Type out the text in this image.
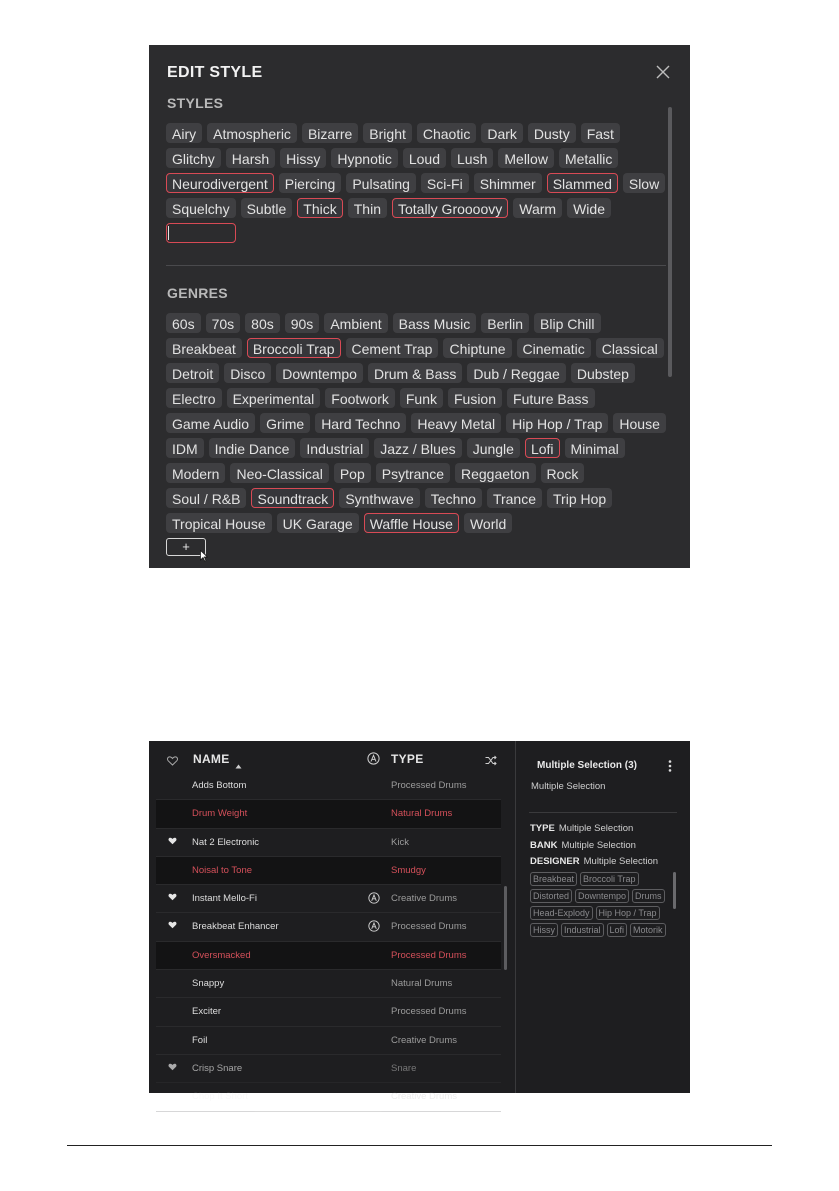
EDIT STYLE
STYLES
Airy	Atmospheric	Bizarre	Bright	Chaotic	Dark	Dusty	Fast
Glitchy	Harsh	Hissy	Hypnotic	Loud	Lush	Mellow	Metallic
Neurodivergent	Piercing	Pulsating	Sci-Fi	Shimmer	Slammed	Slow
Squelchy	Subtle	Thick	Thin	Totally Groooovy	Warm	Wide
GENRES
60s	70s	80s	90s	Ambient	Bass Music	Berlin	Blip Chill
Breakbeat	Broccoli Trap	Cement Trap	Chiptune	Cinematic	Classical
Detroit	Disco	Downtempo	Drum & Bass	Dub / Reggae	Dubstep
Electro	Experimental	Footwork	Funk	Fusion	Future Bass
Game Audio	Grime	Hard Techno	Heavy Metal	Hip Hop / Trap	House
IDM	Indie Dance	Industrial	Jazz / Blues	Jungle	Lofi	Minimal
Modern	Neo-Classical	Pop	Psytrance	Reggaeton	Rock
Soul / R&B	Soundtrack	Synthwave	Techno	Trance	Trip Hop
Tropical House	UK Garage	Waffle House	World
+
NAME	TYPE
Adds Bottom	Processed Drums
Drum Weight	Natural Drums
Nat 2 Electronic	Kick
Noisal to Tone	Smudgy
Instant Mello-Fi	Creative Drums
Breakbeat Enhancer	Processed Drums
Oversmacked	Processed Drums
Snappy	Natural Drums
Exciter	Processed Drums
Foil	Creative Drums
Crisp Snare	Snare
Chop It Short	Creative Drums
Multiple Selection (3)
Multiple Selection
TYPE Multiple Selection
BANK Multiple Selection
DESIGNER Multiple Selection
Breakbeat	Broccoli Trap
Distorted	Downtempo	Drums
Head-Explody	Hip Hop / Trap
Hissy	Industrial	Lofi	Motorik
